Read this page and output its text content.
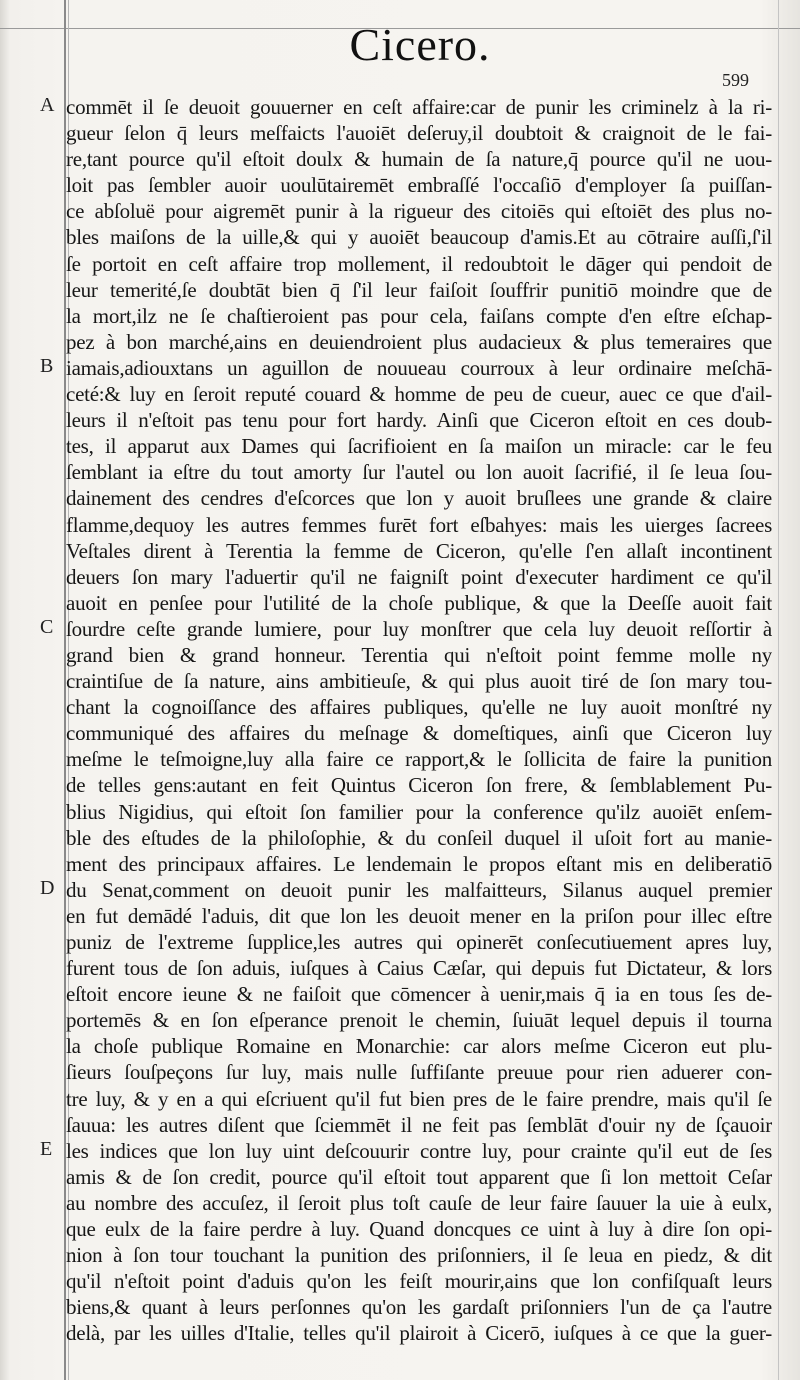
Cicero.
599
A
B
C
D
E
commēt il ſe deuoit gouuerner en ceſt affaire:car de punir les criminelz à la ri-
gueur ſelon q̄ leurs meſfaicts l'auoiēt deſeruy,il doubtoit & craignoit de le fai-
re,tant pource qu'il eſtoit doulx & humain de ſa nature,q̄ pource qu'il ne uou-
loit pas ſembler auoir uoulūtairemēt embraſſé l'occaſiō d'employer ſa puiſſan-
ce abſoluë pour aigremēt punir à la rigueur des citoiēs qui eſtoiēt des plus no-
bles maiſons de la uille,& qui y auoiēt beaucoup d'amis.Et au cōtraire auſſi,ſ'il
ſe portoit en ceſt affaire trop mollement, il redoubtoit le dāger qui pendoit de
leur temerité,ſe doubtāt bien q̄ ſ'il leur faiſoit ſouffrir punitiō moindre que de
la mort,ilz ne ſe chaſtieroient pas pour cela, faiſans compte d'en eſtre eſchap-
pez à bon marché,ains en deuiendroient plus audacieux & plus temeraires que
iamais,adiouxtans un aguillon de nouueau courroux à leur ordinaire meſchā-
ceté:& luy en ſeroit reputé couard & homme de peu de cueur, auec ce que d'ail-
leurs il n'eſtoit pas tenu pour fort hardy. Ainſi que Ciceron eſtoit en ces doub-
tes, il apparut aux Dames qui ſacrifioient en ſa maiſon un miracle: car le feu
ſemblant ia eſtre du tout amorty ſur l'autel ou lon auoit ſacrifié, il ſe leua ſou-
dainement des cendres d'eſcorces que lon y auoit bruſlees une grande & claire
flamme,dequoy les autres femmes furēt fort eſbahyes: mais les uierges ſacrees
Veſtales dirent à Terentia la femme de Ciceron, qu'elle ſ'en allaſt incontinent
deuers ſon mary l'aduertir qu'il ne faigniſt point d'executer hardiment ce qu'il
auoit en penſee pour l'utilité de la choſe publique, & que la Deeſſe auoit fait
ſourdre ceſte grande lumiere, pour luy monſtrer que cela luy deuoit reſſortir à
grand bien & grand honneur. Terentia qui n'eſtoit point femme molle ny
craintiſue de ſa nature, ains ambitieuſe, & qui plus auoit tiré de ſon mary tou-
chant la cognoiſſance des affaires publiques, qu'elle ne luy auoit monſtré ny
communiqué des affaires du meſnage & domeſtiques, ainſi que Ciceron luy
meſme le teſmoigne,luy alla faire ce rapport,& le ſollicita de faire la punition
de telles gens:autant en feit Quintus Ciceron ſon frere, & ſemblablement Pu-
blius Nigidius, qui eſtoit ſon familier pour la conference qu'ilz auoiēt enſem-
ble des eſtudes de la philoſophie, & du conſeil duquel il uſoit fort au manie-
ment des principaux affaires. Le lendemain le propos eſtant mis en deliberatiō
du Senat,comment on deuoit punir les malfaitteurs, Silanus auquel premier
en fut demādé l'aduis, dit que lon les deuoit mener en la priſon pour illec eſtre
puniz de l'extreme ſupplice,les autres qui opinerēt conſecutiuement apres luy,
furent tous de ſon aduis, iuſques à Caius Cæſar, qui depuis fut Dictateur, & lors
eſtoit encore ieune & ne faiſoit que cōmencer à uenir,mais q̄ ia en tous ſes de-
portemēs & en ſon eſperance prenoit le chemin, ſuiuāt lequel depuis il tourna
la choſe publique Romaine en Monarchie: car alors meſme Ciceron eut plu-
ſieurs ſouſpeçons ſur luy, mais nulle ſuffiſante preuue pour rien aduerer con-
tre luy, & y en a qui eſcriuent qu'il fut bien pres de le faire prendre, mais qu'il ſe
ſauua: les autres diſent que ſciemmēt il ne feit pas ſemblāt d'ouir ny de ſçauoir
les indices que lon luy uint deſcouurir contre luy, pour crainte qu'il eut de ſes
amis & de ſon credit, pource qu'il eſtoit tout apparent que ſi lon mettoit Ceſar
au nombre des accuſez, il ſeroit plus toſt cauſe de leur faire ſauuer la uie à eulx,
que eulx de la faire perdre à luy. Quand doncques ce uint à luy à dire ſon opi-
nion à ſon tour touchant la punition des priſonniers, il ſe leua en piedz, & dit
qu'il n'eſtoit point d'aduis qu'on les feiſt mourir,ains que lon confiſquaſt leurs
biens,& quant à leurs perſonnes qu'on les gardaſt priſonniers l'un de ça l'autre
delà, par les uilles d'Italie, telles qu'il plairoit à Cicerō, iuſques à ce que la guer-
